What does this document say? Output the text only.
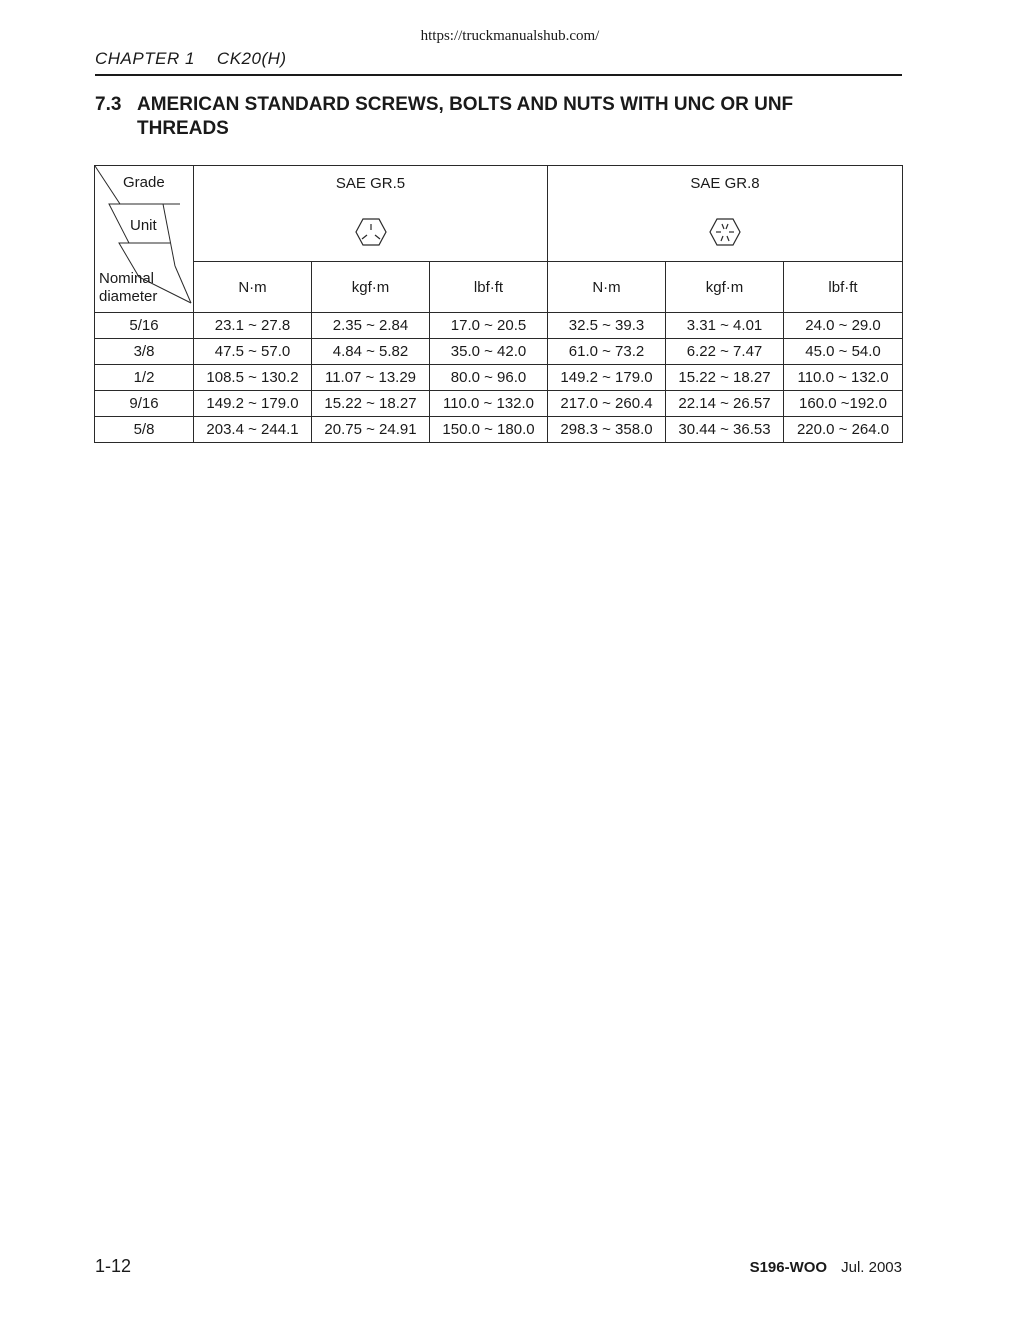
https://truckmanualshub.com/
CHAPTER 1 CK20(H)
7.3 AMERICAN STANDARD SCREWS, BOLTS AND NUTS WITH UNC OR UNF
THREADS
Grade
Unit
Nominal
diameter	SAE GR.5			SAE GR.8		

	N·m	kgf·m	lbf·ft	N·m	kgf·m	lbf·ft
5/16	23.1 ~ 27.8	2.35 ~ 2.84	17.0 ~ 20.5	32.5 ~ 39.3	3.31 ~ 4.01	24.0 ~ 29.0
3/8	47.5 ~ 57.0	4.84 ~ 5.82	35.0 ~ 42.0	61.0 ~ 73.2	6.22 ~ 7.47	45.0 ~ 54.0
1/2	108.5 ~ 130.2	11.07 ~ 13.29	80.0 ~ 96.0	149.2 ~ 179.0	15.22 ~ 18.27	110.0 ~ 132.0
9/16	149.2 ~ 179.0	15.22 ~ 18.27	110.0 ~ 132.0	217.0 ~ 260.4	22.14 ~ 26.57	160.0 ~192.0
5/8	203.4 ~ 244.1	20.75 ~ 24.91	150.0 ~ 180.0	298.3 ~ 358.0	30.44 ~ 36.53	220.0 ~ 264.0
1-12	S196-WOO Jul. 2003
